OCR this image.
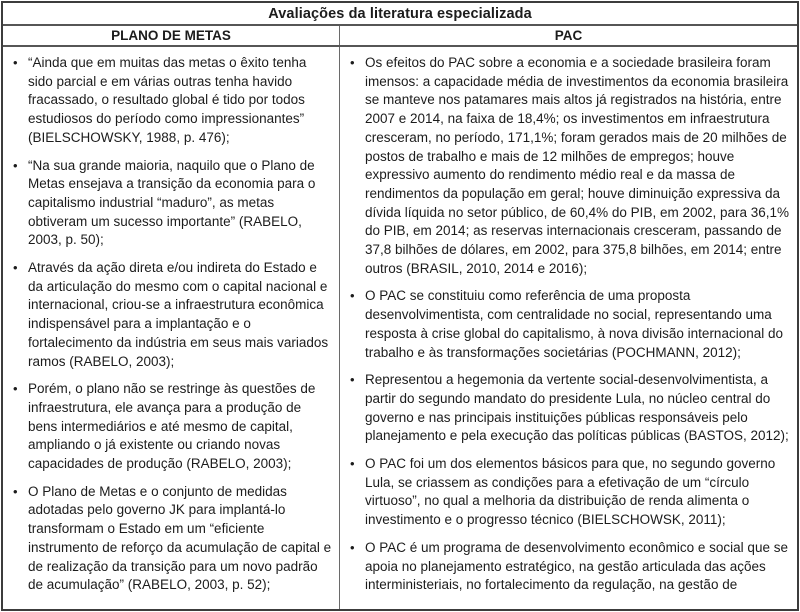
Avaliações da literatura especializada
PLANO DE METAS	PAC
• “Ainda que em muitas das metas o êxito tenha sido parcial e em várias outras tenha havido fracassado, o resultado global é tido por todos estudiosos do período como impressionantes” (BIELSCHOWSKY, 1988, p. 476);
• “Na sua grande maioria, naquilo que o Plano de Metas ensejava a transição da economia para o capitalismo industrial “maduro”, as metas obtiveram um sucesso importante” (RABELO, 2003, p. 50);
• Através da ação direta e/ou indireta do Estado e da articulação do mesmo com o capital nacional e internacional, criou-se a infraestrutura econômica indispensável para a implantação e o fortalecimento da indústria em seus mais variados ramos (RABELO, 2003);
• Porém, o plano não se restringe às questões de infraestrutura, ele avança para a produção de bens intermediários e até mesmo de capital, ampliando o já existente ou criando novas capacidades de produção (RABELO, 2003);
• O Plano de Metas e o conjunto de medidas adotadas pelo governo JK para implantá-lo transformam o Estado em um “eficiente instrumento de reforço da acumulação de capital e de realização da transição para um novo padrão de acumulação” (RABELO, 2003, p. 52);
• Os efeitos do PAC sobre a economia e a sociedade brasileira foram imensos: a capacidade média de investimentos da economia brasileira se manteve nos patamares mais altos já registrados na história, entre 2007 e 2014, na faixa de 18,4%; os investimentos em infraestrutura cresceram, no período, 171,1%; foram gerados mais de 20 milhões de postos de trabalho e mais de 12 milhões de empregos; houve expressivo aumento do rendimento médio real e da massa de rendimentos da população em geral; houve diminuição expressiva da dívida líquida no setor público, de 60,4% do PIB, em 2002, para 36,1% do PIB, em 2014; as reservas internacionais cresceram, passando de 37,8 bilhões de dólares, em 2002, para 375,8 bilhões, em 2014; entre outros (BRASIL, 2010, 2014 e 2016);
• O PAC se constituiu como referência de uma proposta desenvolvimentista, com centralidade no social, representando uma resposta à crise global do capitalismo, à nova divisão internacional do trabalho e às transformações societárias (POCHMANN, 2012);
• Representou a hegemonia da vertente social-desenvolvimentista, a partir do segundo mandato do presidente Lula, no núcleo central do governo e nas principais instituições públicas responsáveis pelo planejamento e pela execução das políticas públicas (BASTOS, 2012);
• O PAC foi um dos elementos básicos para que, no segundo governo Lula, se criassem as condições para a efetivação de um “círculo virtuoso”, no qual a melhoria da distribuição de renda alimenta o investimento e o progresso técnico (BIELSCHOWSK, 2011);
• O PAC é um programa de desenvolvimento econômico e social que se apoia no planejamento estratégico, na gestão articulada das ações interministeriais, no fortalecimento da regulação, na gestão de
